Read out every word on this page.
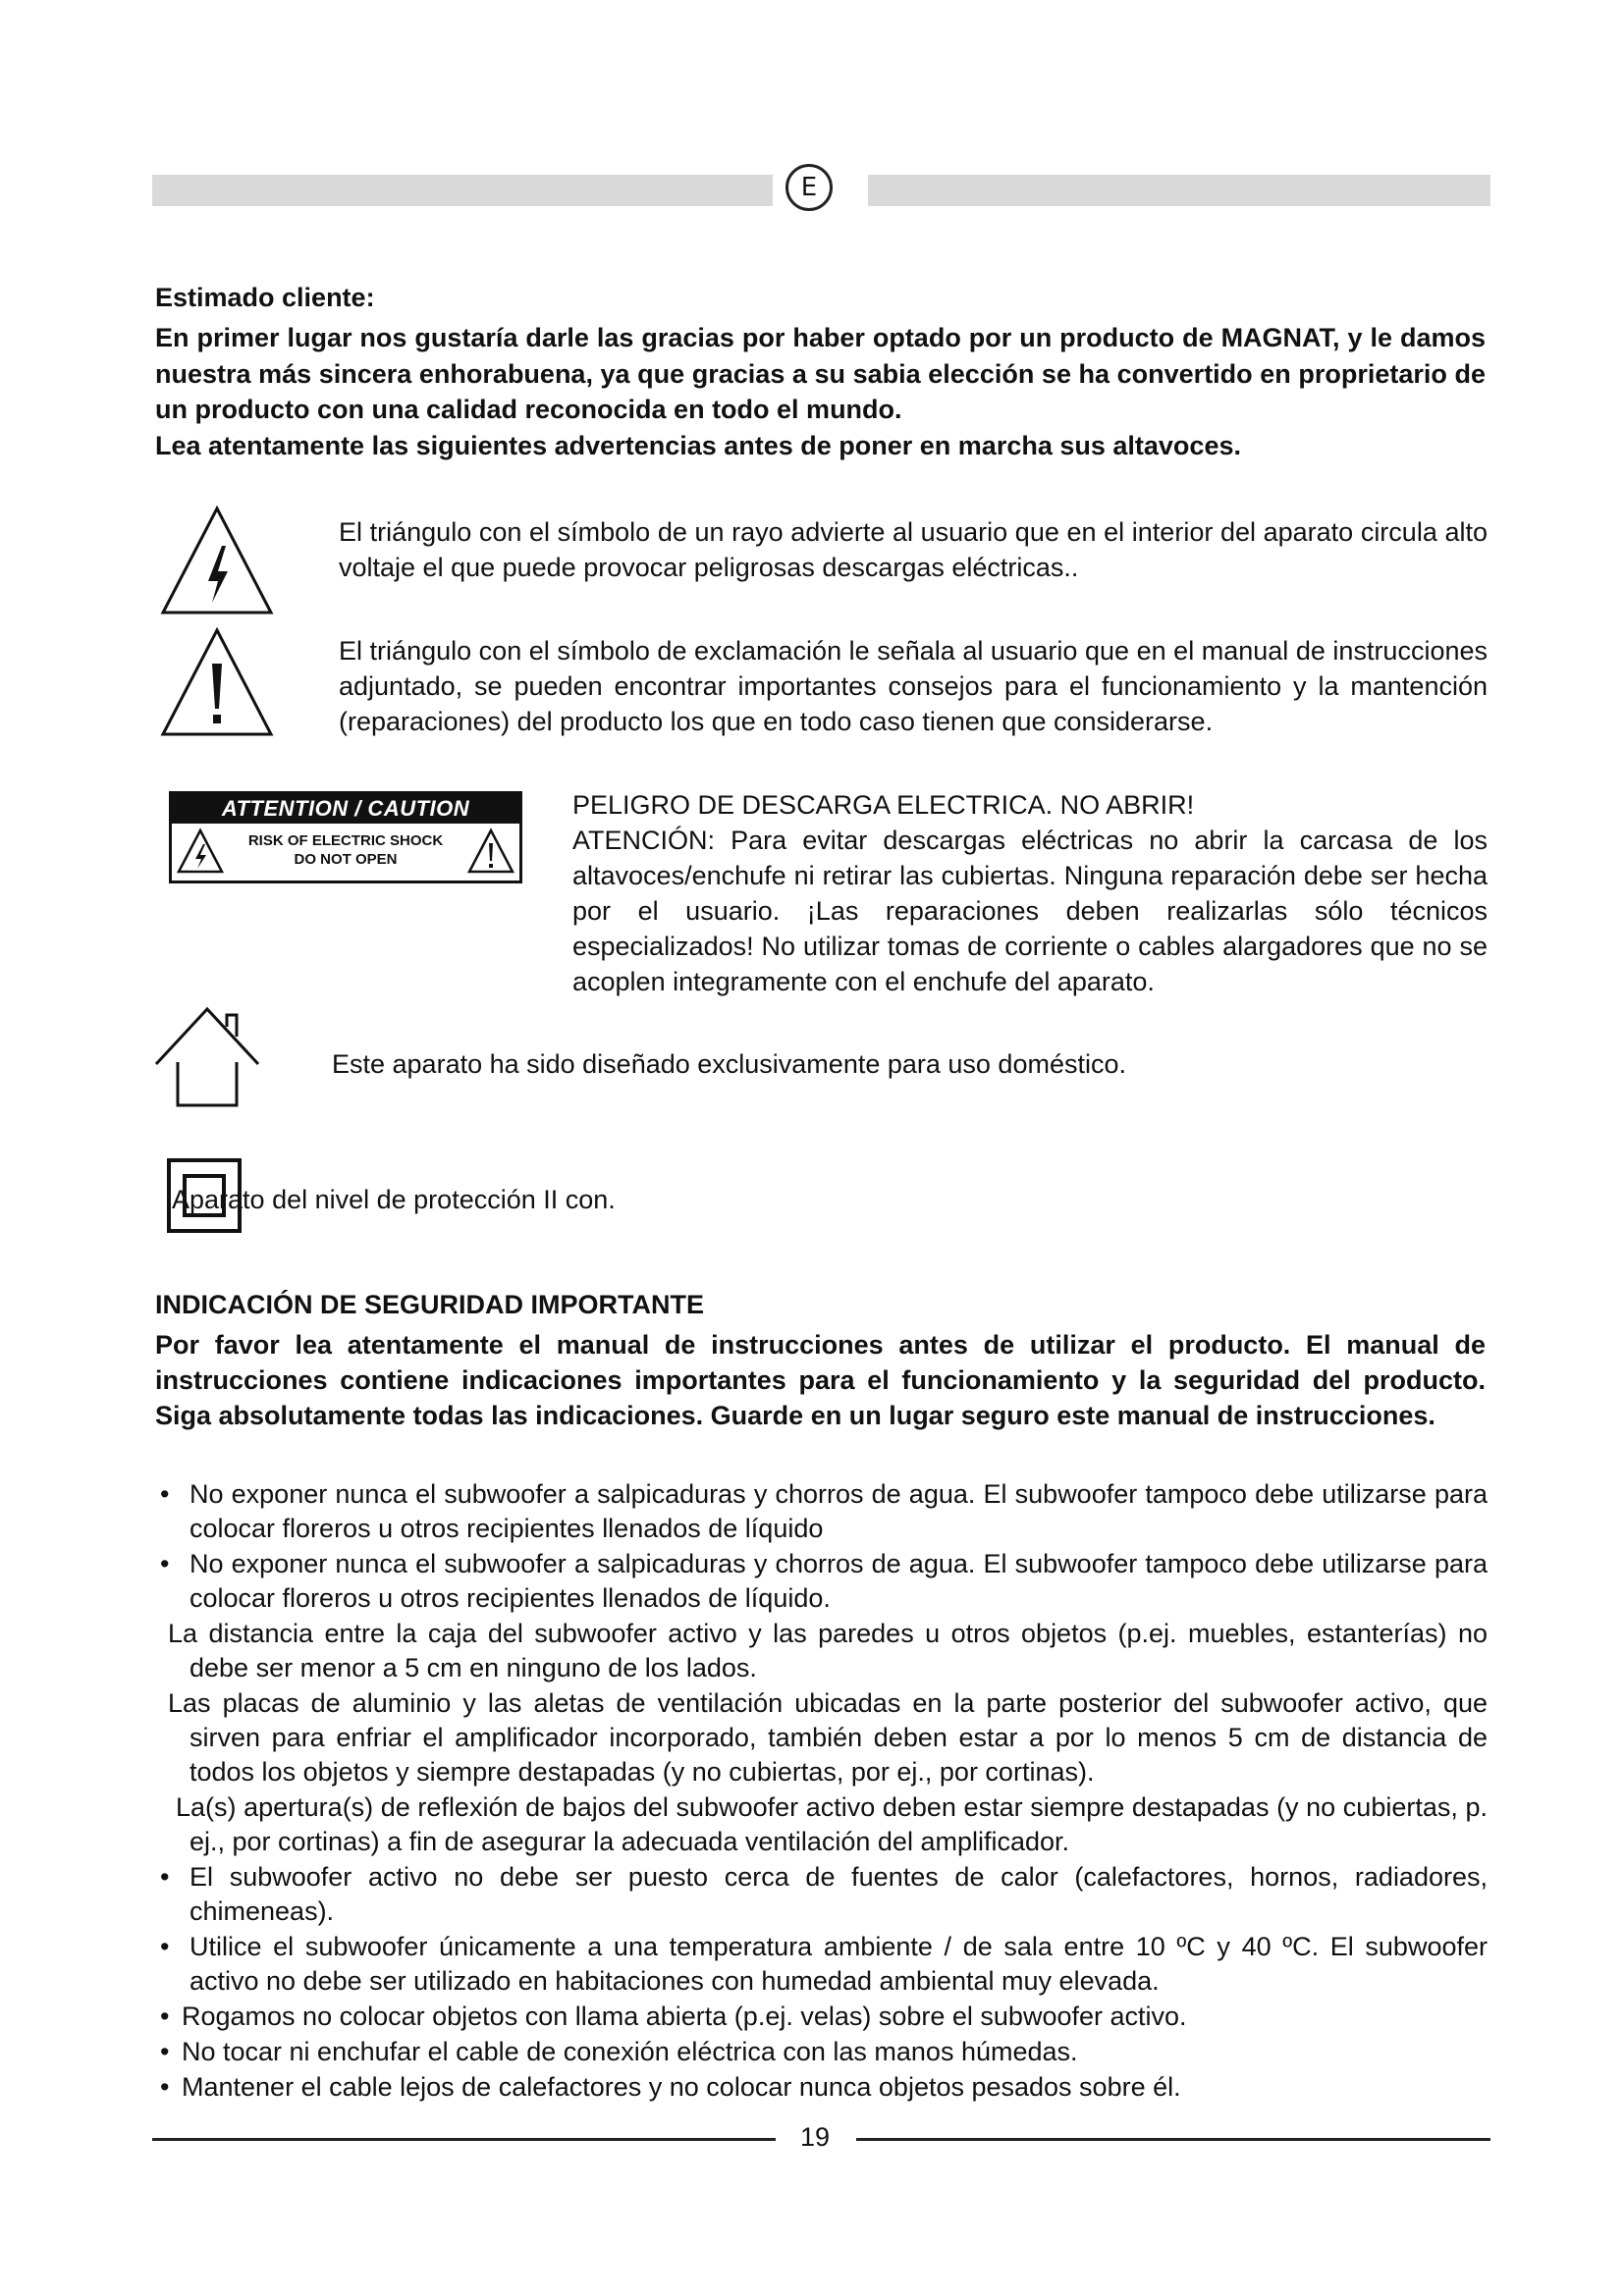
E
Estimado cliente:

En primer lugar nos gustaría darle las gracias por haber optado por un producto de MAGNAT, y le damos nuestra más sincera enhorabuena, ya que gracias a su sabia elección se ha convertido en proprietario de un producto con una calidad reconocida en todo el mundo.

Lea atentamente las siguientes advertencias antes de poner en marcha sus altavoces.

El triángulo con el símbolo de un rayo advierte al usuario que en el interior del aparato circula alto voltaje el que puede provocar peligrosas descargas eléctricas..
El triángulo con el símbolo de exclamación le señala al usuario que en el manual de instrucciones adjuntado, se pueden encontrar importantes consejos para el funcionamiento y la mantención (reparaciones) del producto los que en todo caso tienen que considerarse.
ATTENTION / CAUTION
RISK OF ELECTRIC SHOCK
DO NOT OPEN

PELIGRO DE DESCARGA ELECTRICA. NO ABRIR!

ATENCIÓN: Para evitar descargas eléctricas no abrir la carcasa de los altavoces/enchufe ni retirar las cubiertas. Ninguna reparación debe ser hecha por el usuario. ¡Las reparaciones deben realizarlas sólo técnicos especializados! No utilizar tomas de corriente o cables alargadores que no se acoplen integramente con el enchufe del aparato.

Este aparato ha sido diseñado exclusivamente para uso doméstico.
Aparato del nivel de protección II con.
INDICACIÓN DE SEGURIDAD IMPORTANTE
Por favor lea atentamente el manual de instrucciones antes de utilizar el producto. El manual de instrucciones contiene indicaciones importantes para el funcionamiento y la seguridad del producto. Siga absolutamente todas las indicaciones. Guarde en un lugar seguro este manual de instrucciones.
• No exponer nunca el subwoofer a salpicaduras y chorros de agua. El subwoofer tampoco debe utilizarse para colocar floreros u otros recipientes llenados de líquido
• No exponer nunca el subwoofer a salpicaduras y chorros de agua. El subwoofer tampoco debe utilizarse para colocar floreros u otros recipientes llenados de líquido.
La distancia entre la caja del subwoofer activo y las paredes u otros objetos (p.ej. muebles, estanterías) no debe ser menor a 5 cm en ninguno de los lados.
Las placas de aluminio y las aletas de ventilación ubicadas en la parte posterior del subwoofer activo, que sirven para enfriar el amplificador incorporado, también deben estar a por lo menos 5 cm de distancia de todos los objetos y siempre destapadas (y no cubiertas, por ej., por cortinas).
La(s) apertura(s) de reflexión de bajos del subwoofer activo deben estar siempre destapadas (y no cubiertas, p. ej., por cortinas) a fin de asegurar la adecuada ventilación del amplificador.
• El subwoofer activo no debe ser puesto cerca de fuentes de calor (calefactores, hornos, radiadores, chimeneas).
• Utilice el subwoofer únicamente a una temperatura ambiente / de sala entre 10 ºC y 40 ºC. El subwoofer activo no debe ser utilizado en habitaciones con humedad ambiental muy elevada.
• Rogamos no colocar objetos con llama abierta (p.ej. velas) sobre el subwoofer activo.
• No tocar ni enchufar el cable de conexión eléctrica con las manos húmedas.
• Mantener el cable lejos de calefactores y no colocar nunca objetos pesados sobre él.
19
